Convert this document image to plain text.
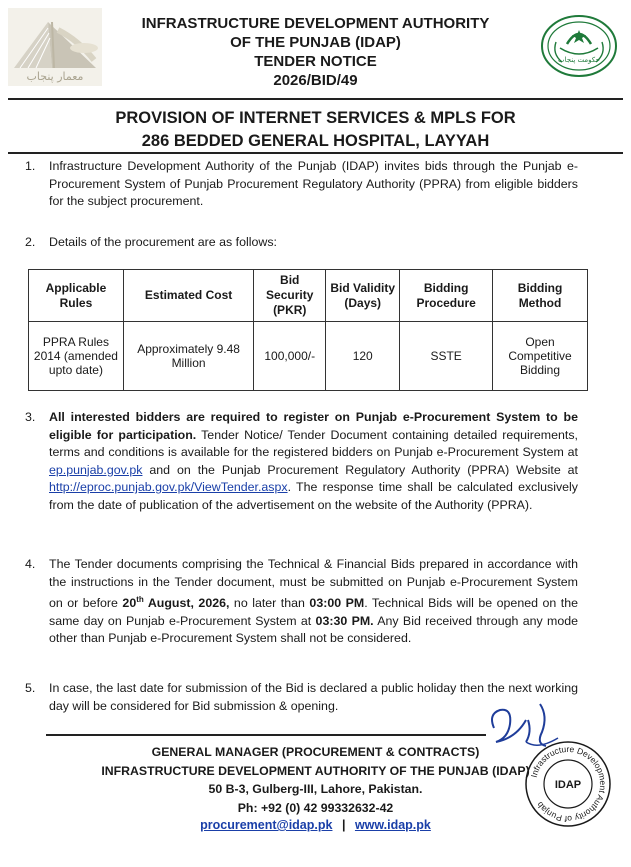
معمار پنجاب
حکومت پنجاب
INFRASTRUCTURE DEVELOPMENT AUTHORITY
OF THE PUNJAB (IDAP)
TENDER NOTICE
2026/BID/49
PROVISION OF INTERNET SERVICES & MPLS FOR
286 BEDDED GENERAL HOSPITAL, LAYYAH
1. Infrastructure Development Authority of the Punjab (IDAP) invites bids through the Punjab e-Procurement System of Punjab Procurement Regulatory Authority (PPRA) from eligible bidders for the subject procurement.
2. Details of the procurement are as follows:
Applicable Rules	Estimated Cost	Bid Security (PKR)	Bid Validity (Days)	Bidding Procedure	Bidding Method
PPRA Rules 2014 (amended upto date)	Approximately 9.48 Million	100,000/-	120	SSTE	Open Competitive Bidding
3. All interested bidders are required to register on Punjab e-Procurement System to be eligible for participation. Tender Notice/ Tender Document containing detailed requirements, terms and conditions is available for the registered bidders on Punjab e-Procurement System at ep.punjab.gov.pk and on the Punjab Procurement Regulatory Authority (PPRA) Website at http://eproc.punjab.gov.pk/ViewTender.aspx. The response time shall be calculated exclusively from the date of publication of the advertisement on the website of the Authority (PPRA).
4. The Tender documents comprising the Technical & Financial Bids prepared in accordance with the instructions in the Tender document, must be submitted on Punjab e-Procurement System on or before 20th August, 2026, no later than 03:00 PM. Technical Bids will be opened on the same day on Punjab e-Procurement System at 03:30 PM. Any Bid received through any mode other than Punjab e-Procurement System shall not be considered.
5. In case, the last date for submission of the Bid is declared a public holiday then the next working day will be considered for Bid submission & opening.
Infrastructure Development Authority of Punjab
IDAP
GENERAL MANAGER (PROCUREMENT & CONTRACTS)
INFRASTRUCTURE DEVELOPMENT AUTHORITY OF THE PUNJAB (IDAP)
50 B-3, Gulberg-III, Lahore, Pakistan.
Ph: +92 (0) 42 99332632-42
procurement@idap.pk | www.idap.pk
